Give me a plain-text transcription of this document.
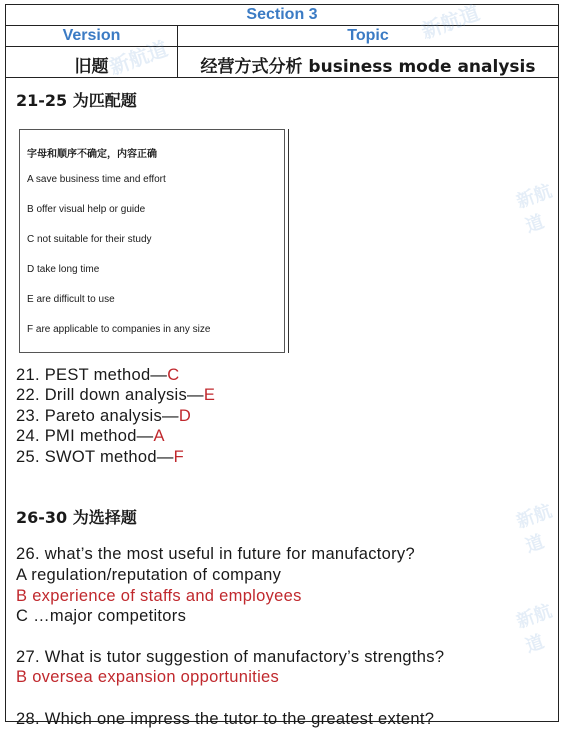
Section 3
Version	Topic
旧题	经营方式分析 business mode analysis
21-25 为匹配题
字母和顺序不确定，内容正确
A save business time and effort
B offer visual help or guide
C not suitable for their study
D take long time
E are difficult to use
F are applicable to companies in any size
21. PEST method—C
22. Drill down analysis—E
23. Pareto analysis—D
24. PMI method—A
25. SWOT method—F
26-30 为选择题
26. what’s the most useful in future for manufactory?
A regulation/reputation of company
B experience of staffs and employees
C …major competitors
27. What is tutor suggestion of manufactory’s strengths?
B oversea expansion opportunities
28. Which one impress the tutor to the greatest extent?
新航道
新航道
新航道
新航道
新航道
